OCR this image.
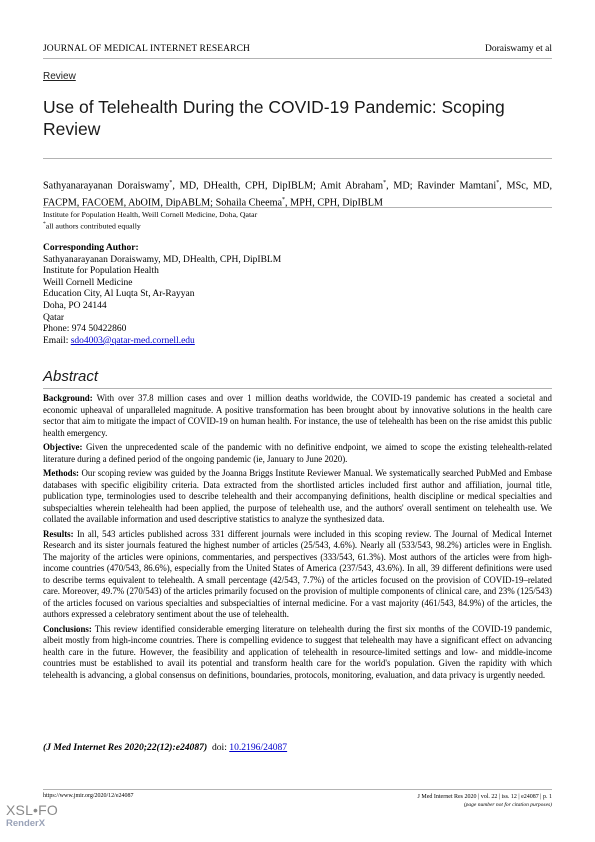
JOURNAL OF MEDICAL INTERNET RESEARCH	Doraiswamy et al
Review
Use of Telehealth During the COVID-19 Pandemic: Scoping Review
Sathyanarayanan Doraiswamy*, MD, DHealth, CPH, DipIBLM; Amit Abraham*, MD; Ravinder Mamtani*, MSc, MD, FACPM, FACOEM, AbOIM, DipABLM; Sohaila Cheema*, MPH, CPH, DipIBLM
Institute for Population Health, Weill Cornell Medicine, Doha, Qatar
*all authors contributed equally
Corresponding Author:
Sathyanarayanan Doraiswamy, MD, DHealth, CPH, DipIBLM
Institute for Population Health
Weill Cornell Medicine
Education City, Al Luqta St, Ar-Rayyan
Doha, PO 24144
Qatar
Phone: 974 50422860
Email: sdo4003@qatar-med.cornell.edu
Abstract

Background: With over 37.8 million cases and over 1 million deaths worldwide, the COVID-19 pandemic has created a societal and economic upheaval of unparalleled magnitude. A positive transformation has been brought about by innovative solutions in the health care sector that aim to mitigate the impact of COVID-19 on human health. For instance, the use of telehealth has been on the rise amidst this public health emergency.

Objective: Given the unprecedented scale of the pandemic with no definitive endpoint, we aimed to scope the existing telehealth-related literature during a defined period of the ongoing pandemic (ie, January to June 2020).

Methods: Our scoping review was guided by the Joanna Briggs Institute Reviewer Manual. We systematically searched PubMed and Embase databases with specific eligibility criteria. Data extracted from the shortlisted articles included first author and affiliation, journal title, publication type, terminologies used to describe telehealth and their accompanying definitions, health discipline or medical specialties and subspecialties wherein telehealth had been applied, the purpose of telehealth use, and the authors' overall sentiment on telehealth use. We collated the available information and used descriptive statistics to analyze the synthesized data.

Results: In all, 543 articles published across 331 different journals were included in this scoping review. The Journal of Medical Internet Research and its sister journals featured the highest number of articles (25/543, 4.6%). Nearly all (533/543, 98.2%) articles were in English. The majority of the articles were opinions, commentaries, and perspectives (333/543, 61.3%). Most authors of the articles were from high-income countries (470/543, 86.6%), especially from the United States of America (237/543, 43.6%). In all, 39 different definitions were used to describe terms equivalent to telehealth. A small percentage (42/543, 7.7%) of the articles focused on the provision of COVID-19–related care. Moreover, 49.7% (270/543) of the articles primarily focused on the provision of multiple components of clinical care, and 23% (125/543) of the articles focused on various specialties and subspecialties of internal medicine. For a vast majority (461/543, 84.9%) of the articles, the authors expressed a celebratory sentiment about the use of telehealth.

Conclusions: This review identified considerable emerging literature on telehealth during the first six months of the COVID-19 pandemic, albeit mostly from high-income countries. There is compelling evidence to suggest that telehealth may have a significant effect on advancing health care in the future. However, the feasibility and application of telehealth in resource-limited settings and low- and middle-income countries must be established to avail its potential and transform health care for the world's population. Given the rapidity with which telehealth is advancing, a global consensus on definitions, boundaries, protocols, monitoring, evaluation, and data privacy is urgently needed.

(J Med Internet Res 2020;22(12):e24087)  doi: 10.2196/24087
https://www.jmir.org/2020/12/e24087	J Med Internet Res 2020 | vol. 22 | iss. 12 | e24087 | p. 1
(page number not for citation purposes)
XSL•FO
RenderX
